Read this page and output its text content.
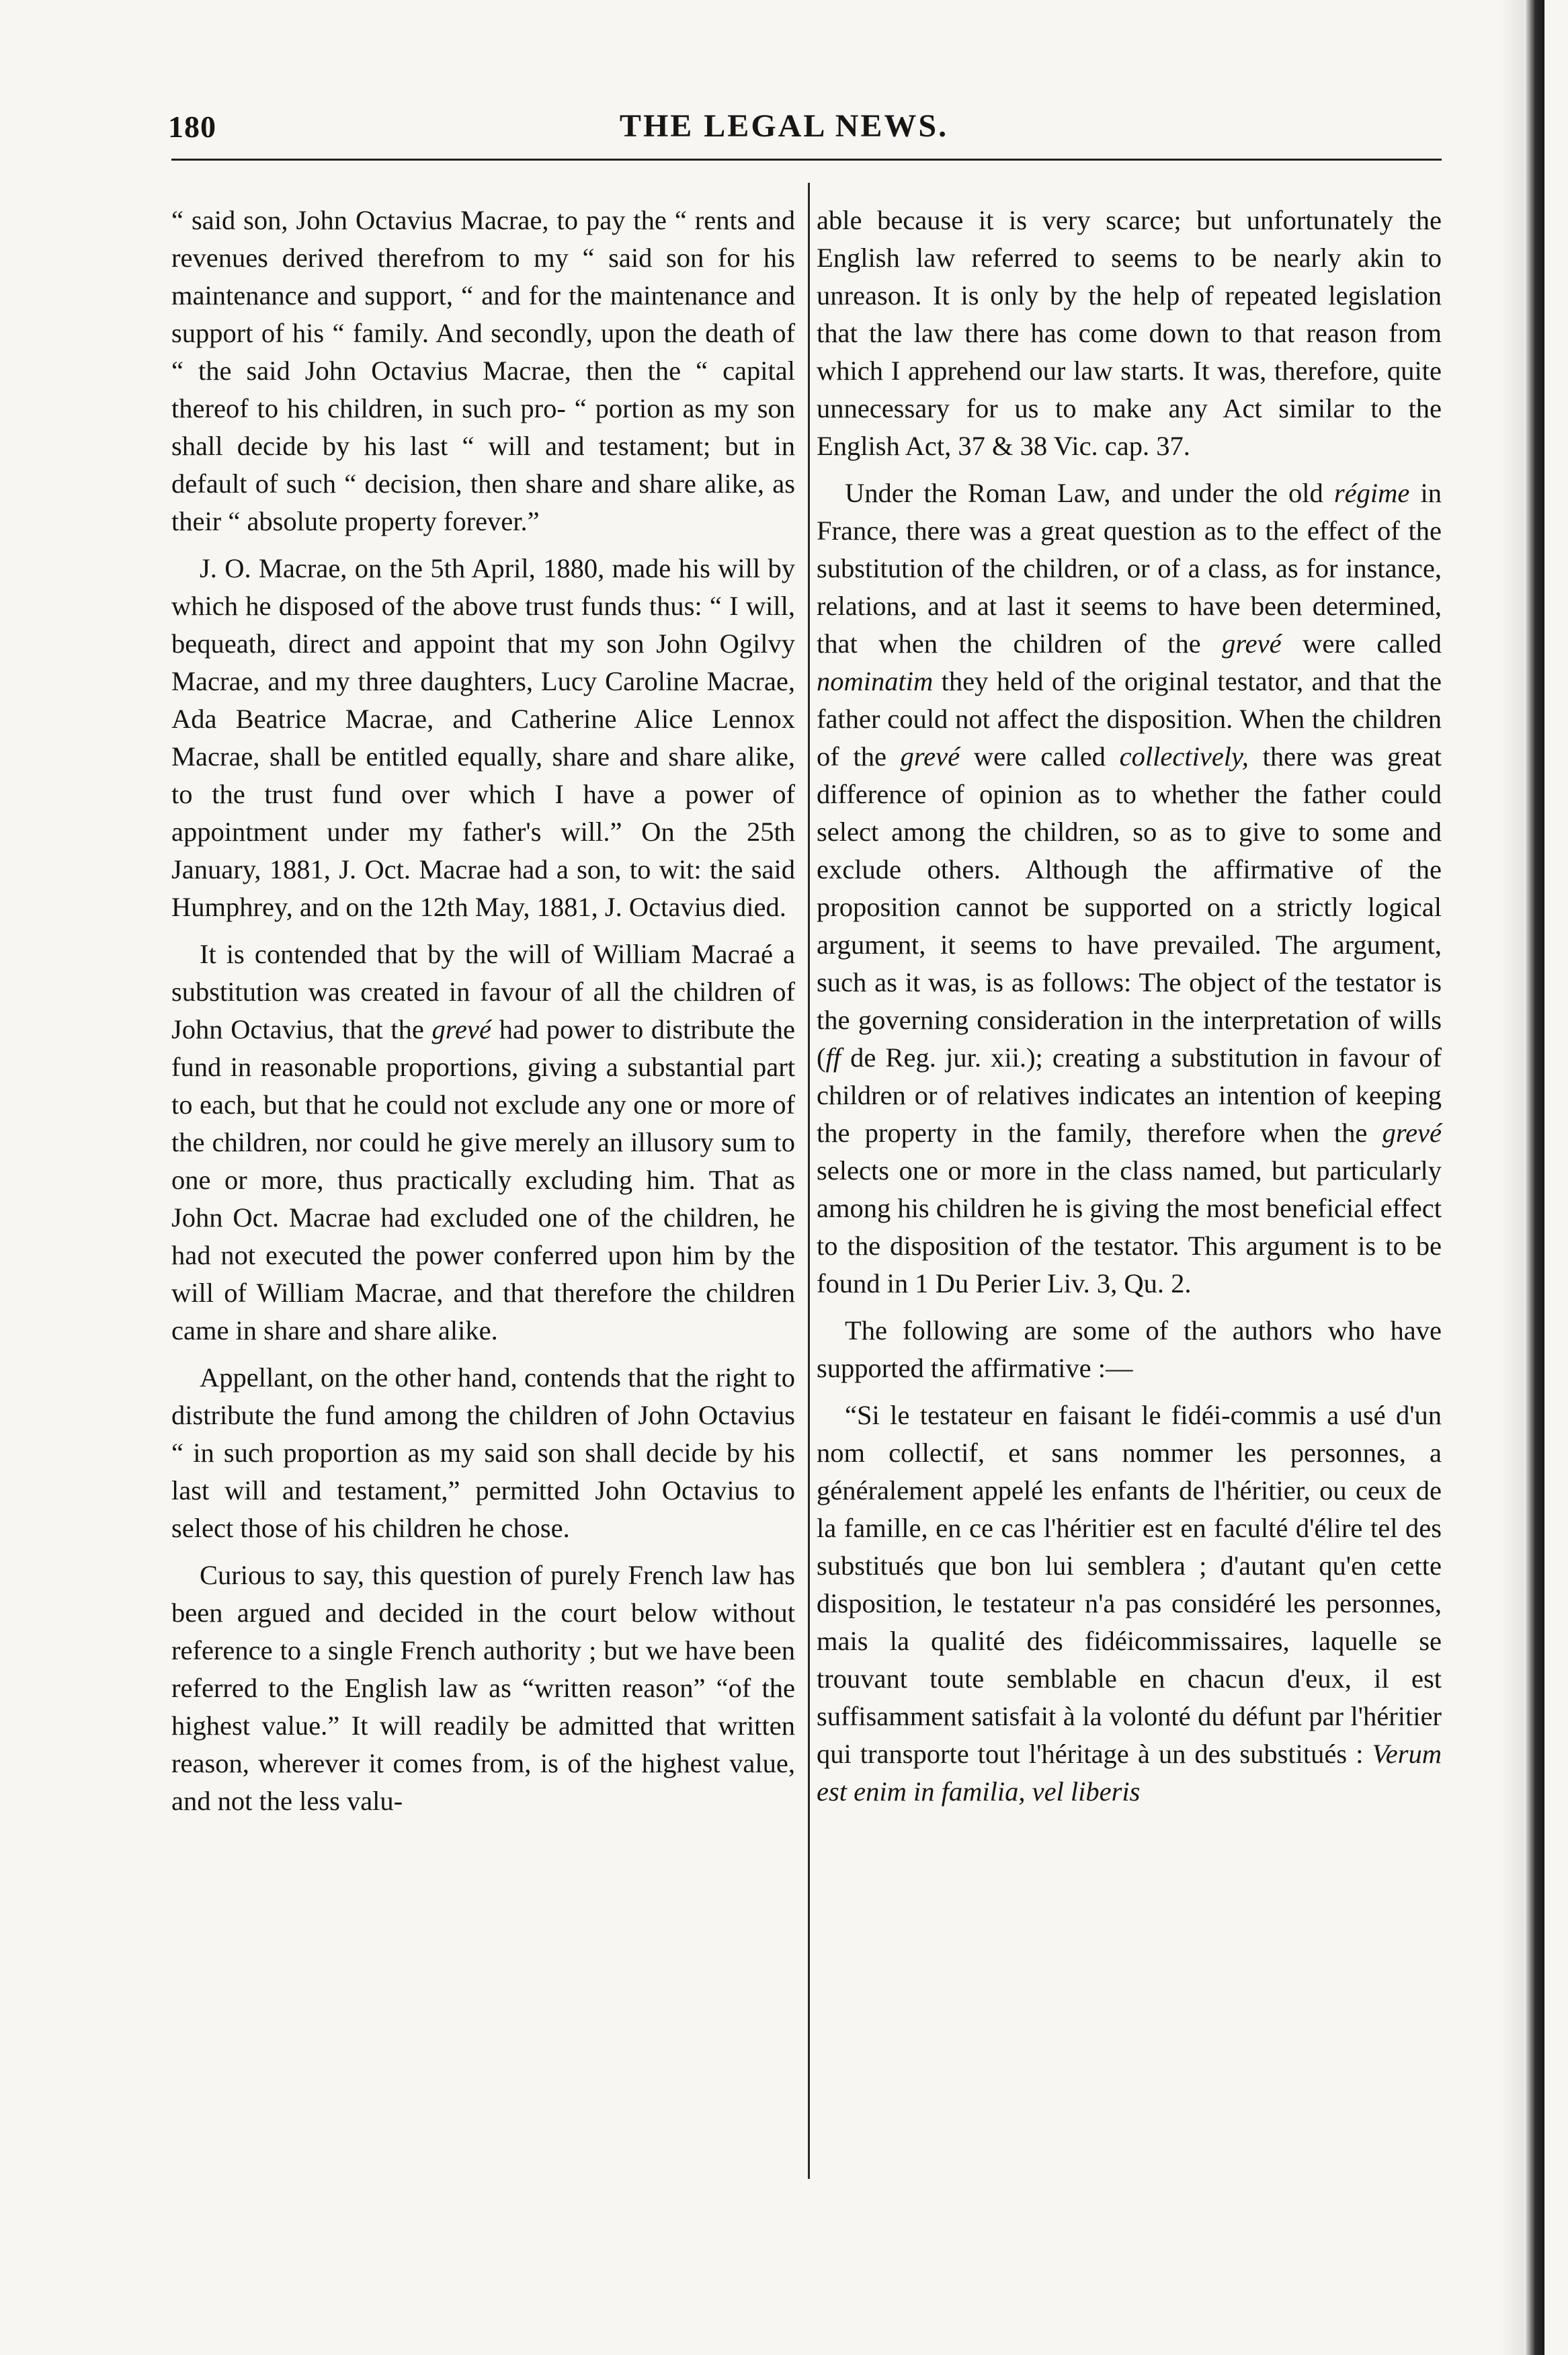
180	THE LEGAL NEWS.

“ said son, John Octavius Macrae, to pay the “ rents and revenues derived therefrom to my “ said son for his maintenance and support, “ and for the maintenance and support of his “ family. And secondly, upon the death of “ the said John Octavius Macrae, then the “ capital thereof to his children, in such pro- “ portion as my son shall decide by his last “ will and testament; but in default of such “ decision, then share and share alike, as their “ absolute property forever.”

J. O. Macrae, on the 5th April, 1880, made his will by which he disposed of the above trust funds thus: “ I will, bequeath, direct and appoint that my son John Ogilvy Macrae, and my three daughters, Lucy Caroline Macrae, Ada Beatrice Macrae, and Catherine Alice Lennox Macrae, shall be entitled equally, share and share alike, to the trust fund over which I have a power of appointment under my father's will.” On the 25th January, 1881, J. Oct. Macrae had a son, to wit: the said Humphrey, and on the 12th May, 1881, J. Octavius died.

It is contended that by the will of William Macraé a substitution was created in favour of all the children of John Octavius, that the grevé had power to distribute the fund in reasonable proportions, giving a substantial part to each, but that he could not exclude any one or more of the children, nor could he give merely an illusory sum to one or more, thus practically excluding him. That as John Oct. Macrae had excluded one of the children, he had not executed the power conferred upon him by the will of William Macrae, and that therefore the children came in share and share alike.

Appellant, on the other hand, contends that the right to distribute the fund among the children of John Octavius “ in such proportion as my said son shall decide by his last will and testament,” permitted John Octavius to select those of his children he chose.

Curious to say, this question of purely French law has been argued and decided in the court below without reference to a single French authority ; but we have been referred to the English law as “written reason” “of the highest value.” It will readily be admitted that written reason, wherever it comes from, is of the highest value, and not the less valu-

able because it is very scarce; but unfortunately the English law referred to seems to be nearly akin to unreason. It is only by the help of repeated legislation that the law there has come down to that reason from which I apprehend our law starts. It was, therefore, quite unnecessary for us to make any Act similar to the English Act, 37 & 38 Vic. cap. 37.

Under the Roman Law, and under the old régime in France, there was a great question as to the effect of the substitution of the children, or of a class, as for instance, relations, and at last it seems to have been determined, that when the children of the grevé were called nominatim they held of the original testator, and that the father could not affect the disposition. When the children of the grevé were called collectively, there was great difference of opinion as to whether the father could select among the children, so as to give to some and exclude others. Although the affirmative of the proposition cannot be supported on a strictly logical argument, it seems to have prevailed. The argument, such as it was, is as follows: The object of the testator is the governing consideration in the interpretation of wills (ff de Reg. jur. xii.); creating a substitution in favour of children or of relatives indicates an intention of keeping the property in the family, therefore when the grevé selects one or more in the class named, but particularly among his children he is giving the most beneficial effect to the disposition of the testator. This argument is to be found in 1 Du Perier Liv. 3, Qu. 2.

The following are some of the authors who have supported the affirmative :—

“Si le testateur en faisant le fidéi-commis a usé d'un nom collectif, et sans nommer les personnes, a généralement appelé les enfants de l'héritier, ou ceux de la famille, en ce cas l'héritier est en faculté d'élire tel des substitués que bon lui semblera ; d'autant qu'en cette disposition, le testateur n'a pas considéré les personnes, mais la qualité des fidéicommissaires, laquelle se trouvant toute semblable en chacun d'eux, il est suffisamment satisfait à la volonté du défunt par l'héritier qui transporte tout l'héritage à un des substitués : Verum est enim in familia, vel liberis
